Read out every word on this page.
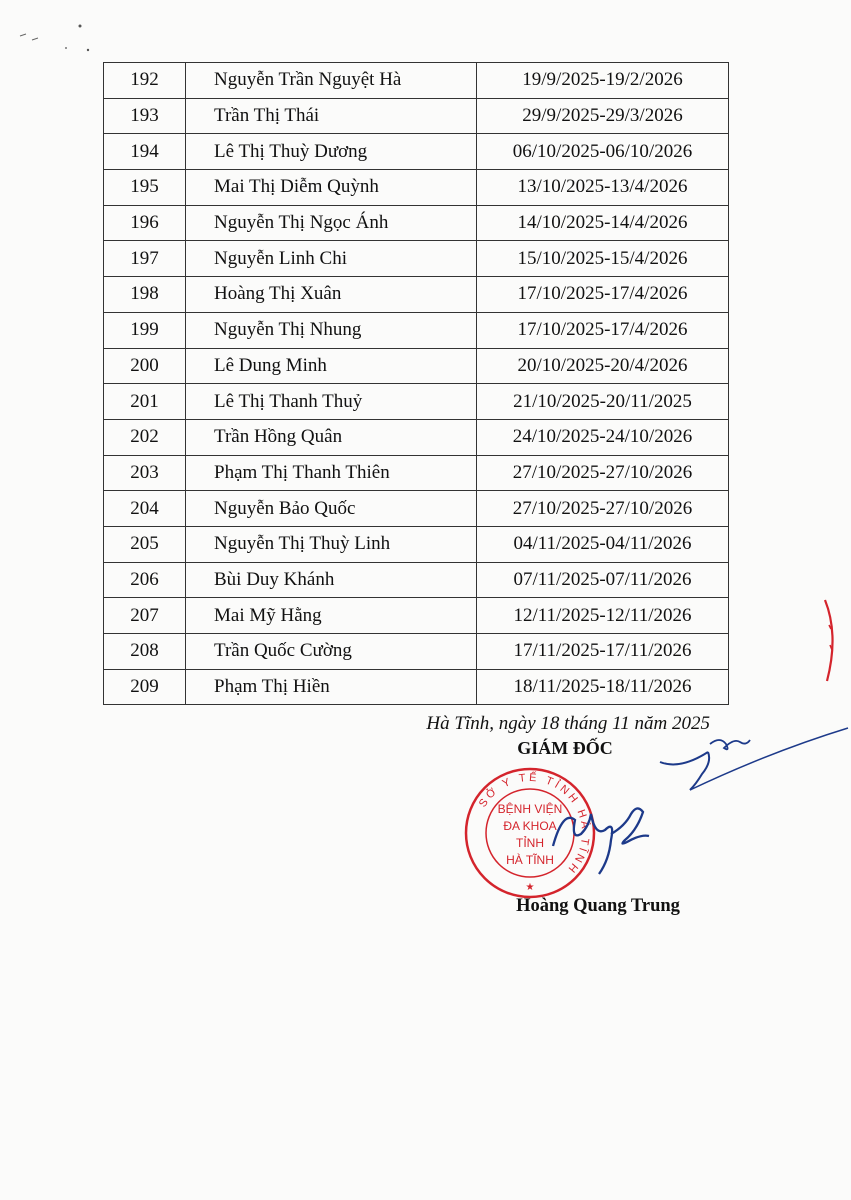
192	Nguyễn Trần Nguyệt Hà	19/9/2025-19/2/2026
193	Trần Thị Thái	29/9/2025-29/3/2026
194	Lê Thị Thuỳ Dương	06/10/2025-06/10/2026
195	Mai Thị Diễm Quỳnh	13/10/2025-13/4/2026
196	Nguyễn Thị Ngọc Ánh	14/10/2025-14/4/2026
197	Nguyễn Linh Chi	15/10/2025-15/4/2026
198	Hoàng Thị Xuân	17/10/2025-17/4/2026
199	Nguyễn Thị Nhung	17/10/2025-17/4/2026
200	Lê Dung Minh	20/10/2025-20/4/2026
201	Lê Thị Thanh Thuỷ	21/10/2025-20/11/2025
202	Trần Hồng Quân	24/10/2025-24/10/2026
203	Phạm Thị Thanh Thiên	27/10/2025-27/10/2026
204	Nguyễn Bảo Quốc	27/10/2025-27/10/2026
205	Nguyễn Thị Thuỳ Linh	04/11/2025-04/11/2026
206	Bùi Duy Khánh	07/11/2025-07/11/2026
207	Mai Mỹ Hằng	12/11/2025-12/11/2026
208	Trần Quốc Cường	17/11/2025-17/11/2026
209	Phạm Thị Hiền	18/11/2025-18/11/2026
Hà Tĩnh, ngày 18 tháng 11 năm 2025
GIÁM ĐỐC
SỞ Y TẾ TỈNH HÀ TĨNH
BỆNH VIỆN
ĐA KHOA
TỈNH
HÀ TĨNH
★
Hoàng Quang Trung
